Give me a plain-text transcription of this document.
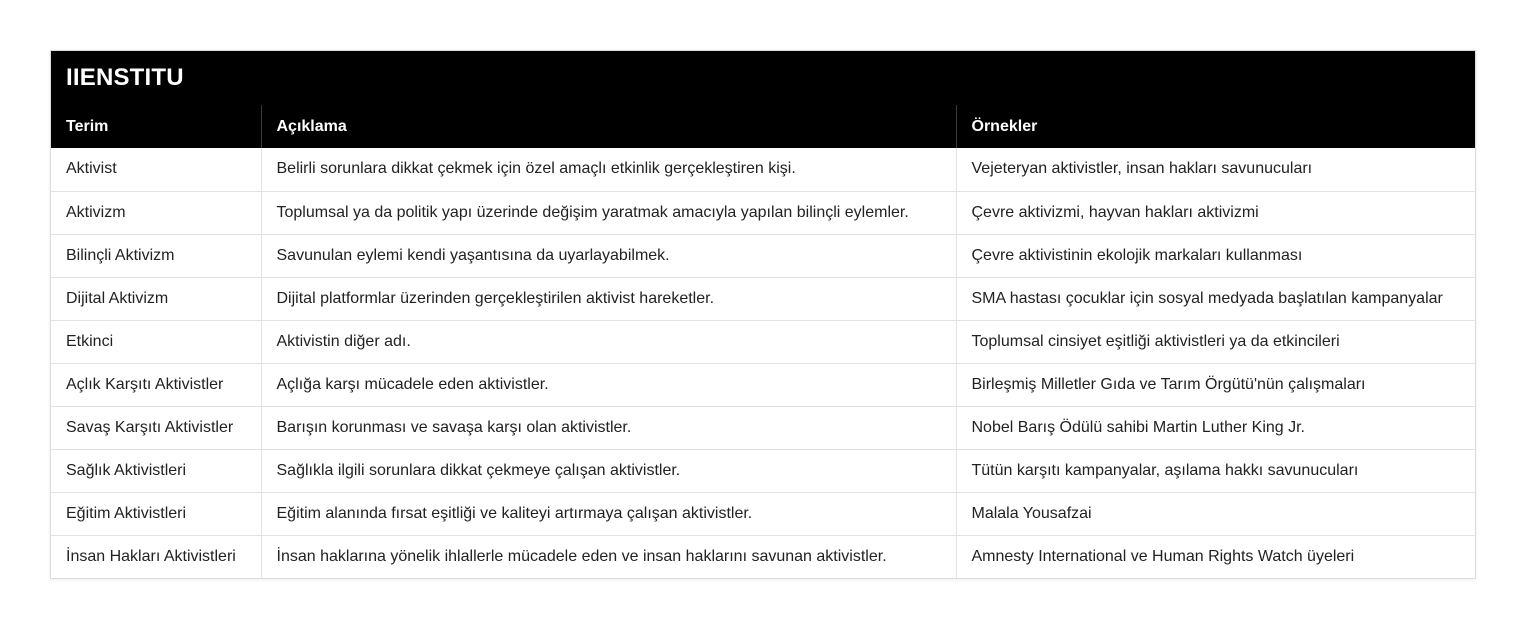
IIENSTITU
Terim	Açıklama	Örnekler
Aktivist	Belirli sorunlara dikkat çekmek için özel amaçlı etkinlik gerçekleştiren kişi.	Vejeteryan aktivistler, insan hakları savunucuları
Aktivizm	Toplumsal ya da politik yapı üzerinde değişim yaratmak amacıyla yapılan bilinçli eylemler.	Çevre aktivizmi, hayvan hakları aktivizmi
Bilinçli Aktivizm	Savunulan eylemi kendi yaşantısına da uyarlayabilmek.	Çevre aktivistinin ekolojik markaları kullanması
Dijital Aktivizm	Dijital platformlar üzerinden gerçekleştirilen aktivist hareketler.	SMA hastası çocuklar için sosyal medyada başlatılan kampanyalar
Etkinci	Aktivistin diğer adı.	Toplumsal cinsiyet eşitliği aktivistleri ya da etkincileri
Açlık Karşıtı Aktivistler	Açlığa karşı mücadele eden aktivistler.	Birleşmiş Milletler Gıda ve Tarım Örgütü'nün çalışmaları
Savaş Karşıtı Aktivistler	Barışın korunması ve savaşa karşı olan aktivistler.	Nobel Barış Ödülü sahibi Martin Luther King Jr.
Sağlık Aktivistleri	Sağlıkla ilgili sorunlara dikkat çekmeye çalışan aktivistler.	Tütün karşıtı kampanyalar, aşılama hakkı savunucuları
Eğitim Aktivistleri	Eğitim alanında fırsat eşitliği ve kaliteyi artırmaya çalışan aktivistler.	Malala Yousafzai
İnsan Hakları Aktivistleri	İnsan haklarına yönelik ihlallerle mücadele eden ve insan haklarını savunan aktivistler.	Amnesty International ve Human Rights Watch üyeleri
